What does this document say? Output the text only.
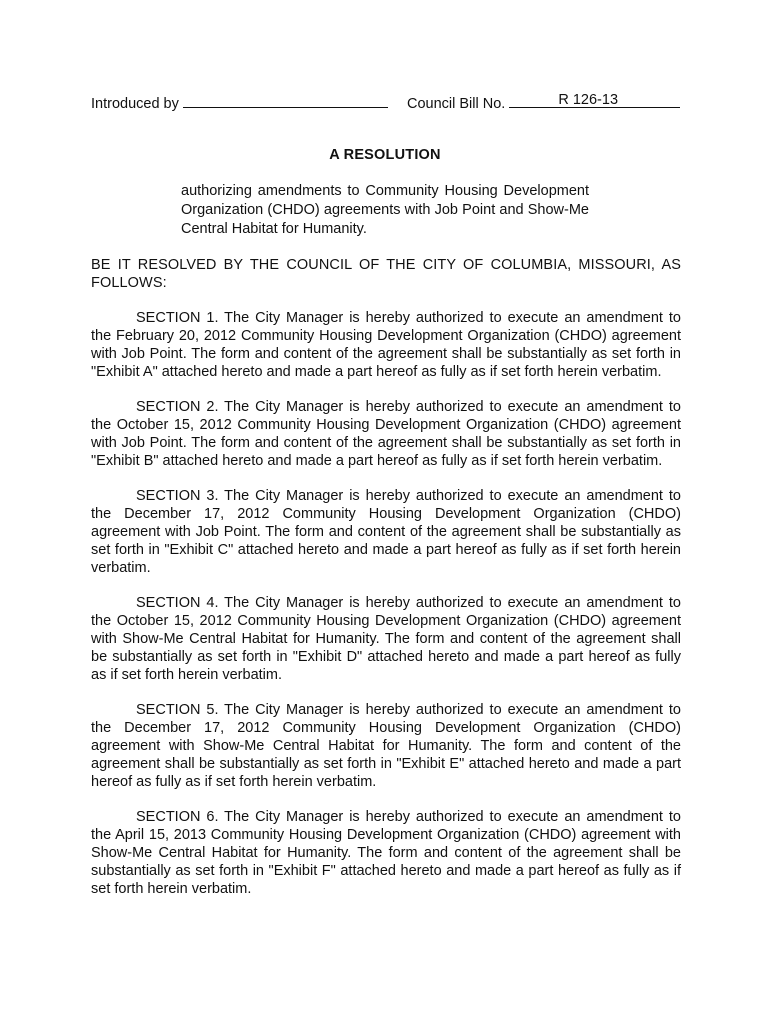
Introduced by	Council Bill No.	R 126-13
A RESOLUTION
authorizing amendments to Community Housing Development Organization (CHDO) agreements with Job Point and Show-Me Central Habitat for Humanity.
BE IT RESOLVED BY THE COUNCIL OF THE CITY OF COLUMBIA, MISSOURI, AS FOLLOWS:
SECTION 1. The City Manager is hereby authorized to execute an amendment to the February 20, 2012 Community Housing Development Organization (CHDO) agreement with Job Point. The form and content of the agreement shall be substantially as set forth in "Exhibit A" attached hereto and made a part hereof as fully as if set forth herein verbatim.
SECTION 2. The City Manager is hereby authorized to execute an amendment to the October 15, 2012 Community Housing Development Organization (CHDO) agreement with Job Point. The form and content of the agreement shall be substantially as set forth in "Exhibit B" attached hereto and made a part hereof as fully as if set forth herein verbatim.
SECTION 3. The City Manager is hereby authorized to execute an amendment to the December 17, 2012 Community Housing Development Organization (CHDO) agreement with Job Point. The form and content of the agreement shall be substantially as set forth in "Exhibit C" attached hereto and made a part hereof as fully as if set forth herein verbatim.
SECTION 4. The City Manager is hereby authorized to execute an amendment to the October 15, 2012 Community Housing Development Organization (CHDO) agreement with Show-Me Central Habitat for Humanity. The form and content of the agreement shall be substantially as set forth in "Exhibit D" attached hereto and made a part hereof as fully as if set forth herein verbatim.
SECTION 5. The City Manager is hereby authorized to execute an amendment to the December 17, 2012 Community Housing Development Organization (CHDO) agreement with Show-Me Central Habitat for Humanity. The form and content of the agreement shall be substantially as set forth in "Exhibit E" attached hereto and made a part hereof as fully as if set forth herein verbatim.
SECTION 6. The City Manager is hereby authorized to execute an amendment to the April 15, 2013 Community Housing Development Organization (CHDO) agreement with Show-Me Central Habitat for Humanity. The form and content of the agreement shall be substantially as set forth in "Exhibit F" attached hereto and made a part hereof as fully as if set forth herein verbatim.
